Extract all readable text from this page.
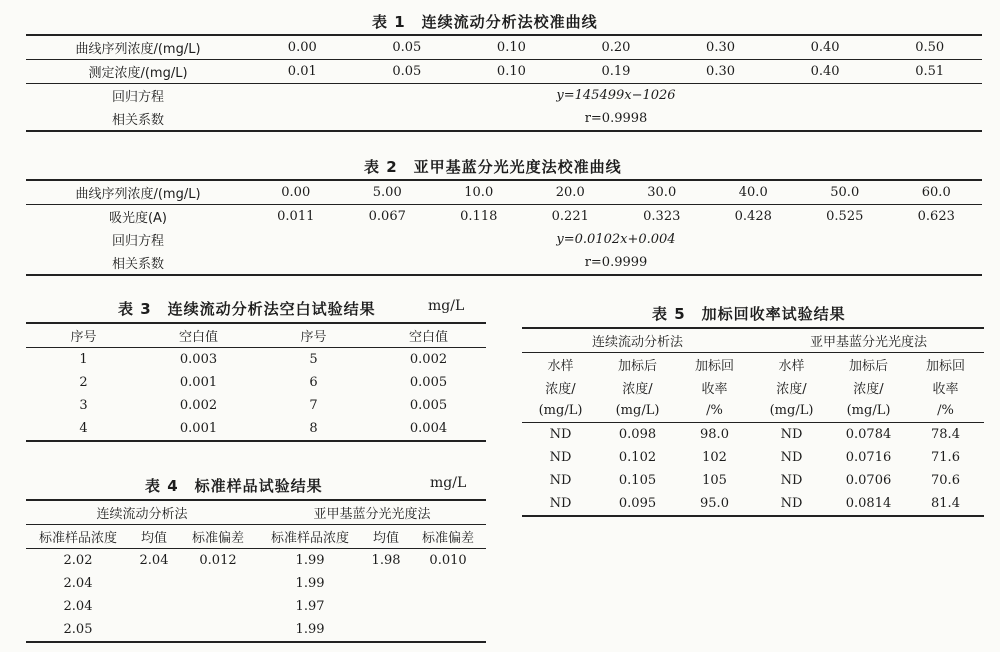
表 1　连续流动分析法校准曲线
曲线序列浓度/(mg/L)	0.00	0.05	0.10	0.20	0.30	0.40	0.50
测定浓度/(mg/L)	0.01	0.05	0.10	0.19	0.30	0.40	0.51
回归方程	y=145499x−1026						
相关系数	r=0.9998						
表 2　亚甲基蓝分光光度法校准曲线
曲线序列浓度/(mg/L)	0.00	5.00	10.0	20.0	30.0	40.0	50.0	60.0
吸光度(A)	0.011	0.067	0.118	0.221	0.323	0.428	0.525	0.623
回归方程	y=0.0102x+0.004							
相关系数	r=0.9999							
表 3　连续流动分析法空白试验结果	mg/L
序号	空白值	序号	空白值
1	0.003	5	0.002
2	0.001	6	0.005
3	0.002	7	0.005
4	0.001	8	0.004
表 4　标准样品试验结果	mg/L
连续流动分析法			亚甲基蓝分光光度法		
标准样品浓度	均值	标准偏差	标准样品浓度	均值	标准偏差
2.02	2.04	0.012	1.99	1.98	0.010
2.04			1.99		
2.04			1.97		
2.05			1.99		
表 5　加标回收率试验结果
连续流动分析法			亚甲基蓝分光光度法		
水样	加标后	加标回	水样	加标后	加标回
浓度/	浓度/	收率	浓度/	浓度/	收率
(mg/L)	(mg/L)	/%	(mg/L)	(mg/L)	/%
ND	0.098	98.0	ND	0.0784	78.4
ND	0.102	102	ND	0.0716	71.6
ND	0.105	105	ND	0.0706	70.6
ND	0.095	95.0	ND	0.0814	81.4
